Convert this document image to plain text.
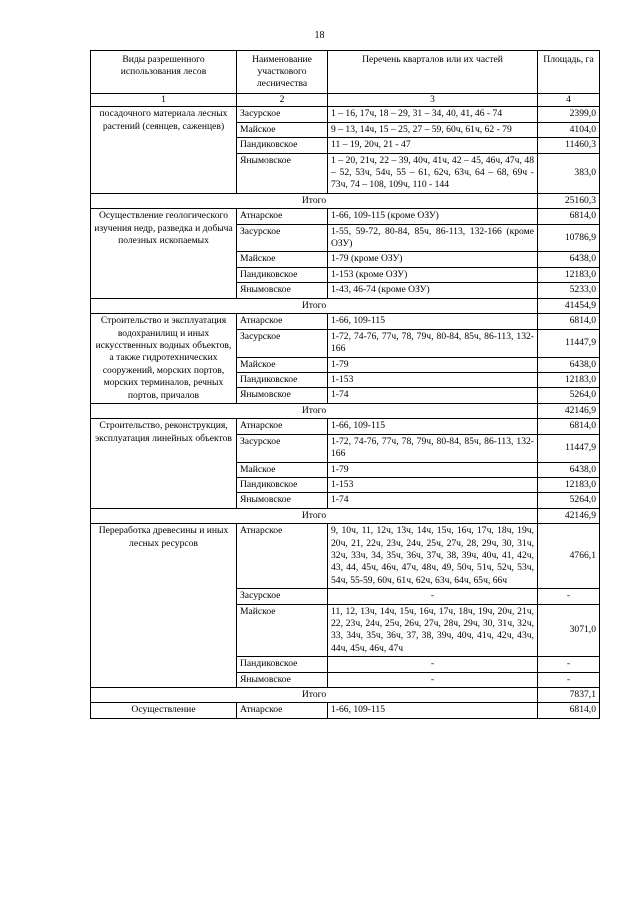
18
Виды разрешенного использования лесов	Наименование участкового лесничества	Перечень кварталов или их частей	Площадь, га
1	2	3	4
посадочного материала лесных растений (сеянцев, саженцев)	Засурское	1 – 16, 17ч, 18 – 29, 31 – 34, 40, 41, 46 - 74	2399,0
	Майское	9 – 13, 14ч, 15 – 25, 27 – 59, 60ч, 61ч, 62 - 79	4104,0
	Пандиковское	11 – 19, 20ч, 21 - 47	11460,3
	Янымовское	1 – 20, 21ч, 22 – 39, 40ч, 41ч, 42 – 45, 46ч, 47ч, 48 – 52, 53ч, 54ч, 55 – 61, 62ч, 63ч, 64 – 68, 69ч - 73ч, 74 – 108, 109ч, 110 - 144	383,0
Итого			25160,3
Осуществление геологического изучения недр, разведка и добыча полезных ископаемых	Атнарское	1-66, 109-115 (кроме ОЗУ)	6814,0
	Засурское	1-55, 59-72, 80-84, 85ч, 86-113, 132-166 (кроме ОЗУ)	10786,9
	Майское	1-79 (кроме ОЗУ)	6438,0
	Пандиковское	1-153 (кроме ОЗУ)	12183,0
	Янымовское	1-43, 46-74 (кроме ОЗУ)	5233,0
Итого			41454,9
Строительство и эксплуатация водохранилищ и иных искусственных водных объектов, а также гидротехнических сооружений, морских портов, морских терминалов, речных портов, причалов	Атнарское	1-66, 109-115	6814,0
	Засурское	1-72, 74-76, 77ч, 78, 79ч, 80-84, 85ч, 86-113, 132-166	11447,9
	Майское	1-79	6438,0
	Пандиковское	1-153	12183,0
	Янымовское	1-74	5264,0
Итого			42146,9
Строительство, реконструкция, эксплуатация линейных объектов	Атнарское	1-66, 109-115	6814,0
	Засурское	1-72, 74-76, 77ч, 78, 79ч, 80-84, 85ч, 86-113, 132-166	11447,9
	Майское	1-79	6438,0
	Пандиковское	1-153	12183,0
	Янымовское	1-74	5264,0
Итого			42146,9
Переработка древесины и иных лесных ресурсов	Атнарское	9, 10ч, 11, 12ч, 13ч, 14ч, 15ч, 16ч, 17ч, 18ч, 19ч, 20ч, 21, 22ч, 23ч, 24ч, 25ч, 27ч, 28, 29ч, 30, 31ч, 32ч, 33ч, 34, 35ч, 36ч, 37ч, 38, 39ч, 40ч, 41, 42ч, 43, 44, 45ч, 46ч, 47ч, 48ч, 49, 50ч, 51ч, 52ч, 53ч, 54ч, 55-59, 60ч, 61ч, 62ч, 63ч, 64ч, 65ч, 66ч	4766,1
	Засурское	-	-
	Майское	11, 12, 13ч, 14ч, 15ч, 16ч, 17ч, 18ч, 19ч, 20ч, 21ч, 22, 23ч, 24ч, 25ч, 26ч, 27ч, 28ч, 29ч, 30, 31ч, 32ч, 33, 34ч, 35ч, 36ч, 37, 38, 39ч, 40ч, 41ч, 42ч, 43ч, 44ч, 45ч, 46ч, 47ч	3071,0
	Пандиковское	-	-
	Янымовское	-	-
Итого			7837,1
Осуществление	Атнарское	1-66, 109-115	6814,0
